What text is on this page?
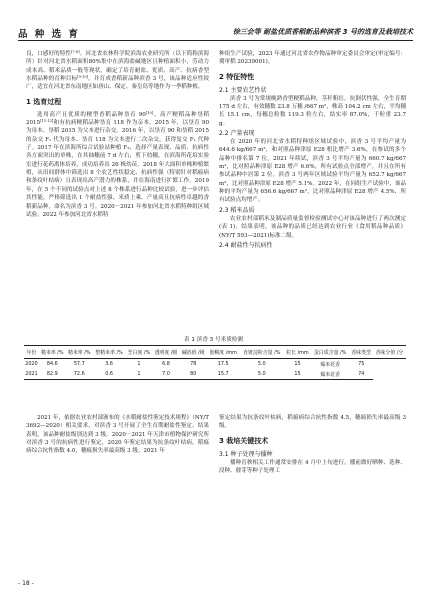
品 种 选 育	徐三会等 耐盐优质香稻新品种滨香 3 号的选育及栽培技术

良，口感好的特性[7-8]。河北省农林科学院滨海农业研究所（以下简称滨海所）针对河北省水稻面积80%集中在滨海盐碱地区且种植面积小、劳动力成本高、稻米品质一般等现状，确定了培育耐盐、优质、高产、抗病香型水稻品种的育种目标[9-10]，并育成香稻新品种滨香 3 号，该品种适应性较广，适宜在河北省东南地区如唐山、保定、秦皇岛等地作为一季稻种植。

1 选育过程

选用高产且优质的粳型香稻品种垦育 90[10]、高产粳稻品种垦稻 2015[11-12]和有抗病粳稻品种垦育 118 作为亲本。2015 年，以垦育 90 为母本、垦稻 2015 为父本进行杂交。2016 年，以垦育 90 和垦稻 2015 的杂交 F₁ 代为母本、垦育 118 为父本进行二次杂交，获得复交 F₁ 代种子。2017 年在滨海所综合试验站种植 F₂，选择产量表现、品质、抗病性各方面突出的单株，在其抽穗前 7 d 左右，剪下幼穗，在滨海所花培实验室进行花药离体培养，成功培养出 26 株幼苗。2018 年大面积单株种植繁殖，从田间群体中筛选出 8 个农艺性状稳定、抗病性强（特别针对稻瘟病和条纹叶枯病）且表现出高产潜力的株系，并在海南进行扩繁工作。2019 年，在 5 个不同的试验点对上述 8 个株系进行品种比较试验，进一步评估其性能，严格筛选出 1 个耐盐性强、米质上乘、产量高且抗病性卓越的香稻新品种，命名为滨香 3 号。2020－2021 年参加河北省水稻特种组区域试验，2022 年参加河北省水稻特

种组生产试验，2023 年通过河北省农作物品种审定委员会审定(审定编号：冀审稻 20239001)。

2 特征特性
2.1 主要农艺性状

滨香 3 号为常规晚熟香型粳稻品种，茎秆粗壮，抗倒伏性强，全生育期 175 d 左右，有效穗数 23.8 万穗 /667 m²，株高 104.2 cm 左右，平均穗长 15.1 cm，每穗总粒数 119.3 粒左右，结实率 87.0%，千粒重 23.7 g。

2.2 产量表现

在 2020 年的河北省水稻特种组区域试验中，滨香 3 号平均产量为 644.6 kg/667 m²，和对照品种津原 E28 相比增产 3.6%，在参试的多个品种中排名第 7 位。2021 年续试，滨香 3 号平均产量为 660.7 kg/667 m²，比对照品种津原 E28 增产 6.6%，所有试验点全部增产，并且在所有参试品种中居第 2 位。滨香 3 号两年区域试验平均产量为 652.7 kg/667 m²，比对照品种津原 E28 增产 5.1%。2022 年，在同组生产试验中，该品种的平均产量为 656.6 kg/667 m²，比对照品种津原 E28 增产 4.5%，所有试验点均增产。

2.3 稻米品质

农业农村部稻米及制品质量监督检验测试中心对该品种进行了两次测定(表 1)，结果表明，该品种的品质已经达到农业行业《食用稻品种品质》(NY/T 593—2021)标准二级。

2.4 耐盐性与抗病性
表 1 滨香 3 号米质检测
年份	糙米率 /%	精米率 /%	整精米率 /%	垩白度 /%	透明度 /级	碱消值 /级	胶稠度 /mm	直链淀粉含量 /%	粒长 /mm	蛋白质含量 /%	香味类型	香味分值 /分
2020	84.6	57.7	3.6	1	6.8	78	17.5	5.0	15	爆米花香	75	
2021	82.9	72.6	0.6	1	7.0	80	15.7	5.0	15	爆米花香	74	

2021 年，依据农业农村部颁布的《水稻耐盐性鉴定技术规程》（NY/T 3692—2020）相关要求，对滨香 3 号开展了全生育期耐盐性鉴定。结果表明，该品种耐盐级别达到 3 级。2020－2021 年天津市植物保护研究所对滨香 3 号的抗病性进行鉴定，2020 年鉴定结果为抗条纹叶枯病，稻瘟病综合抗性指数 4.0，穗瘟损失率最高级 3 级；2021 年

鉴定结果为抗条纹叶枯病，稻瘟病综合抗性指数 4.5，穗瘟损失率最高级 3 级。

3 栽培关键技术
3.1 种子处理与播种

播种育秧相关工作通常安排在 4 月中上旬进行，播前做好晒种、选种、浸种、催芽等种子处理工

- 18 -
